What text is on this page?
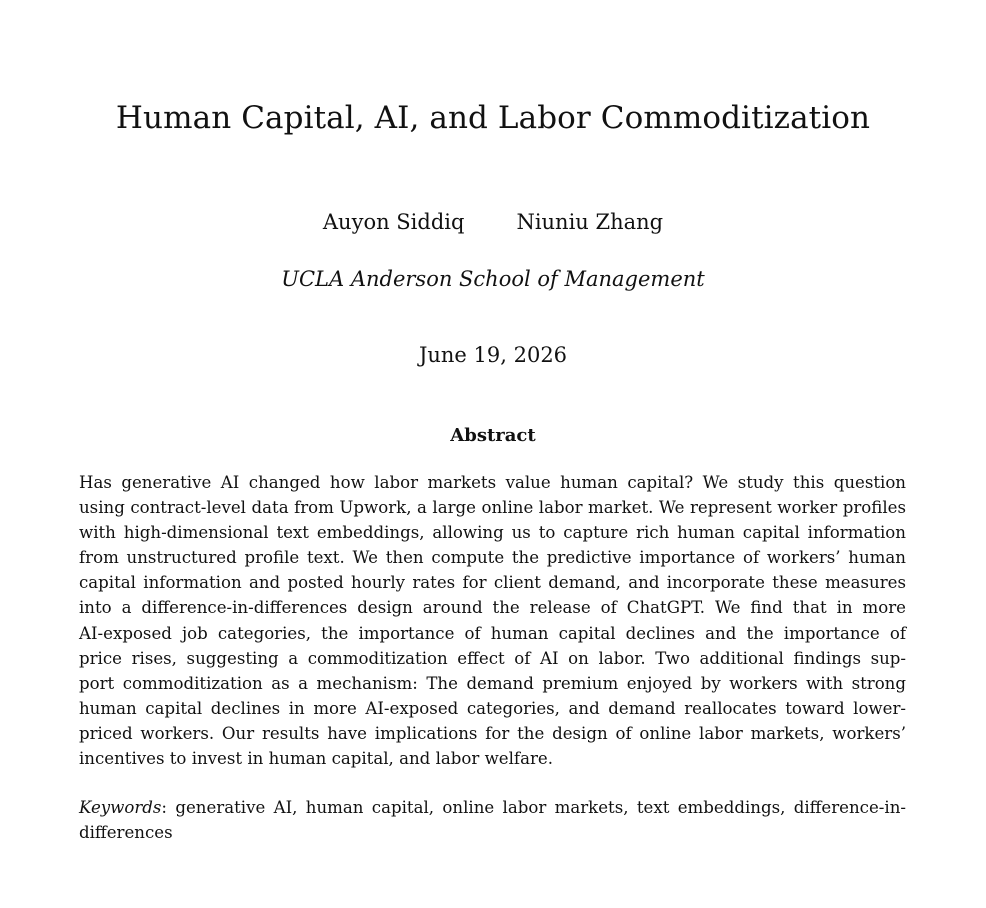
Human Capital, AI, and Labor Commoditization
Auyon Siddiq Niuniu Zhang
UCLA Anderson School of Management
June 19, 2026
Abstract
Has generative AI changed how labor markets value human capital? We study this question
using contract-level data from Upwork, a large online labor market. We represent worker profiles
with high-dimensional text embeddings, allowing us to capture rich human capital information
from unstructured profile text. We then compute the predictive importance of workers’ human
capital information and posted hourly rates for client demand, and incorporate these measures
into a difference-in-differences design around the release of ChatGPT. We find that in more
AI-exposed job categories, the importance of human capital declines and the importance of
price rises, suggesting a commoditization effect of AI on labor. Two additional findings sup-
port commoditization as a mechanism: The demand premium enjoyed by workers with strong
human capital declines in more AI-exposed categories, and demand reallocates toward lower-
priced workers. Our results have implications for the design of online labor markets, workers’
incentives to invest in human capital, and labor welfare.
Keywords: generative AI, human capital, online labor markets, text embeddings, difference-in-
differences
